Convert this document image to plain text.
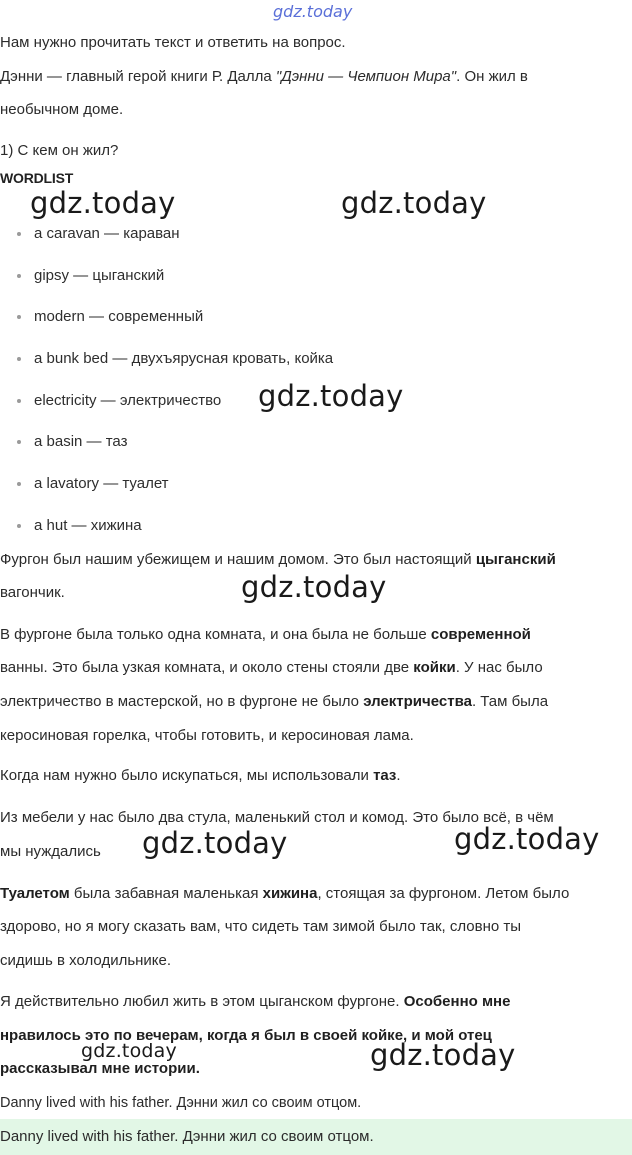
gdz.today

Нам нужно прочитать текст и ответить на вопрос.

Дэнни — главный герой книги Р. Далла "Дэнни — Чемпион Мира". Он жил в

необычном доме.

1) С кем он жил?

WORDLIST
a caravan — караван
gipsy — цыганский
modern — современный
a bunk bed — двухъярусная кровать, койка
electricity — электричество
a basin — таз
a lavatory — туалет
a hut — хижина

Фургон был нашим убежищем и нашим домом. Это был настоящий цыганский

вагончик.

В фургоне была только одна комната, и она была не больше современной

ванны. Это была узкая комната, и около стены стояли две койки. У нас было

электричество в мастерской, но в фургоне не было электричества. Там была

керосиновая горелка, чтобы готовить, и керосиновая лама.

Когда нам нужно было искупаться, мы использовали таз.

Из мебели у нас было два стула, маленький стол и комод. Это было всё, в чём

мы нуждались

Туалетом была забавная маленькая хижина, стоящая за фургоном. Летом было

здорово, но я могу сказать вам, что сидеть там зимой было так, словно ты

сидишь в холодильнике.

Я действительно любил жить в этом цыганском фургоне. Особенно мне

нравилось это по вечерам, когда я был в своей койке, и мой отец

рассказывал мне истории.

Danny lived with his father. Дэнни жил со своим отцом.

Danny lived with his father. Дэнни жил со своим отцом.
gdz.today	gdz.today
gdz.today
gdz.today
gdz.today	gdz.today
gdz.today	gdz.today
